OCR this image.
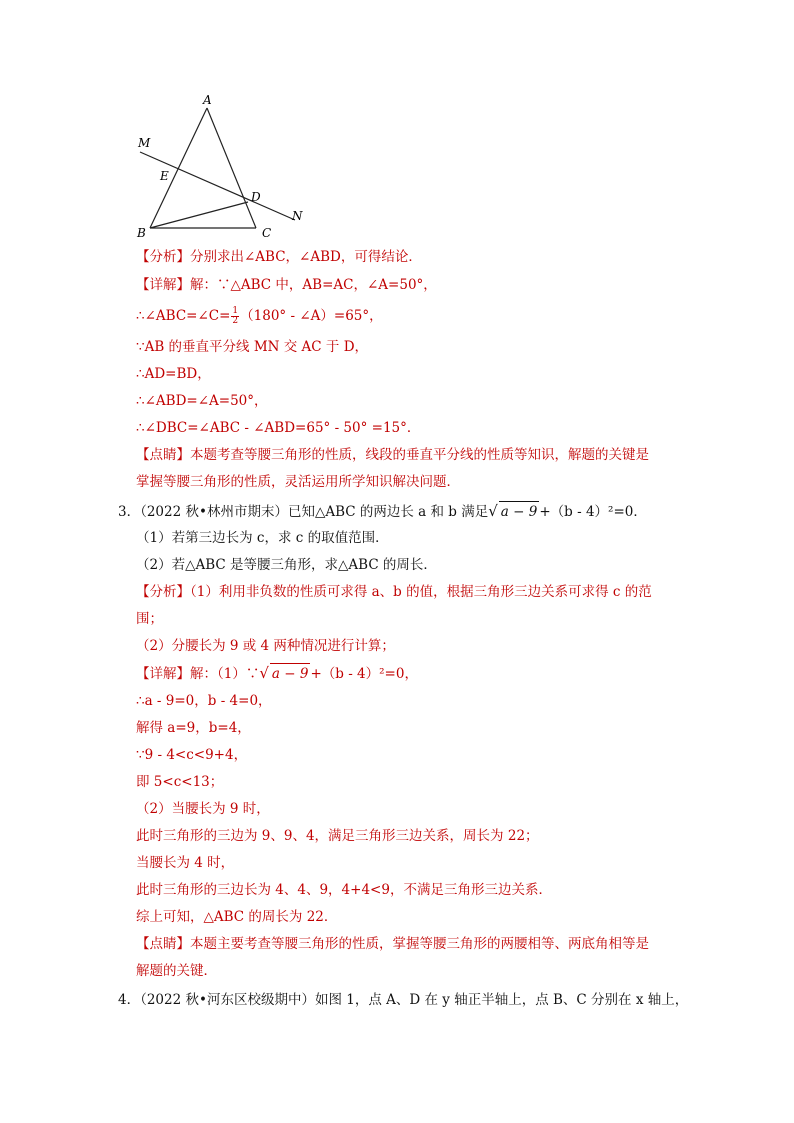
A
M
E
D
B	C
N
【分析】分别求出∠ABC，∠ABD，可得结论．
【详解】解：∵△ABC 中，AB=AC，∠A=50°，
∴∠ABC=∠C= $\frac{1}{2} (180^\circ$ - ∠A）=65°，
∵AB 的垂直平分线 MN 交 AC 于 D，
∴AD=BD，
∴∠ABD=∠A=50°，
∴∠DBC=∠ABC - ∠ABD=65° - 50° =15°．
【点睛】本题考查等腰三角形的性质，线段的垂直平分线的性质等知识，解题的关键是
掌握等腰三角形的性质，灵活运用所学知识解决问题．
3．（2022 秋•林州市期末）已知△ABC 的两边长 a 和 b 满足√ a − 9 +（b - 4）²=0．
（1）若第三边长为 c，求 c 的取值范围．
（2）若△ABC 是等腰三角形，求△ABC 的周长．
【分析】（1）利用非负数的性质可求得 a、b 的值，根据三角形三边关系可求得 c 的范
围；
（2）分腰长为 9 或 4 两种情况进行计算；
【详解】解：（1）∵√ a − 9 +（b - 4）²=0，
∴a - 9=0，b - 4=0，
解得 a=9，b=4，
∵9 - 4<c<9+4，
即 5<c<13；
（2）当腰长为 9 时，
此时三角形的三边为 9、9、4，满足三角形三边关系，周长为 22；
当腰长为 4 时，
此时三角形的三边长为 4、4、9，4+4<9，不满足三角形三边关系．
综上可知，△ABC 的周长为 22．
【点睛】本题主要考查等腰三角形的性质，掌握等腰三角形的两腰相等、两底角相等是
解题的关键．
4．（2022 秋•河东区校级期中）如图 1，点 A、D 在 y 轴正半轴上，点 B、C 分别在 x 轴上，
